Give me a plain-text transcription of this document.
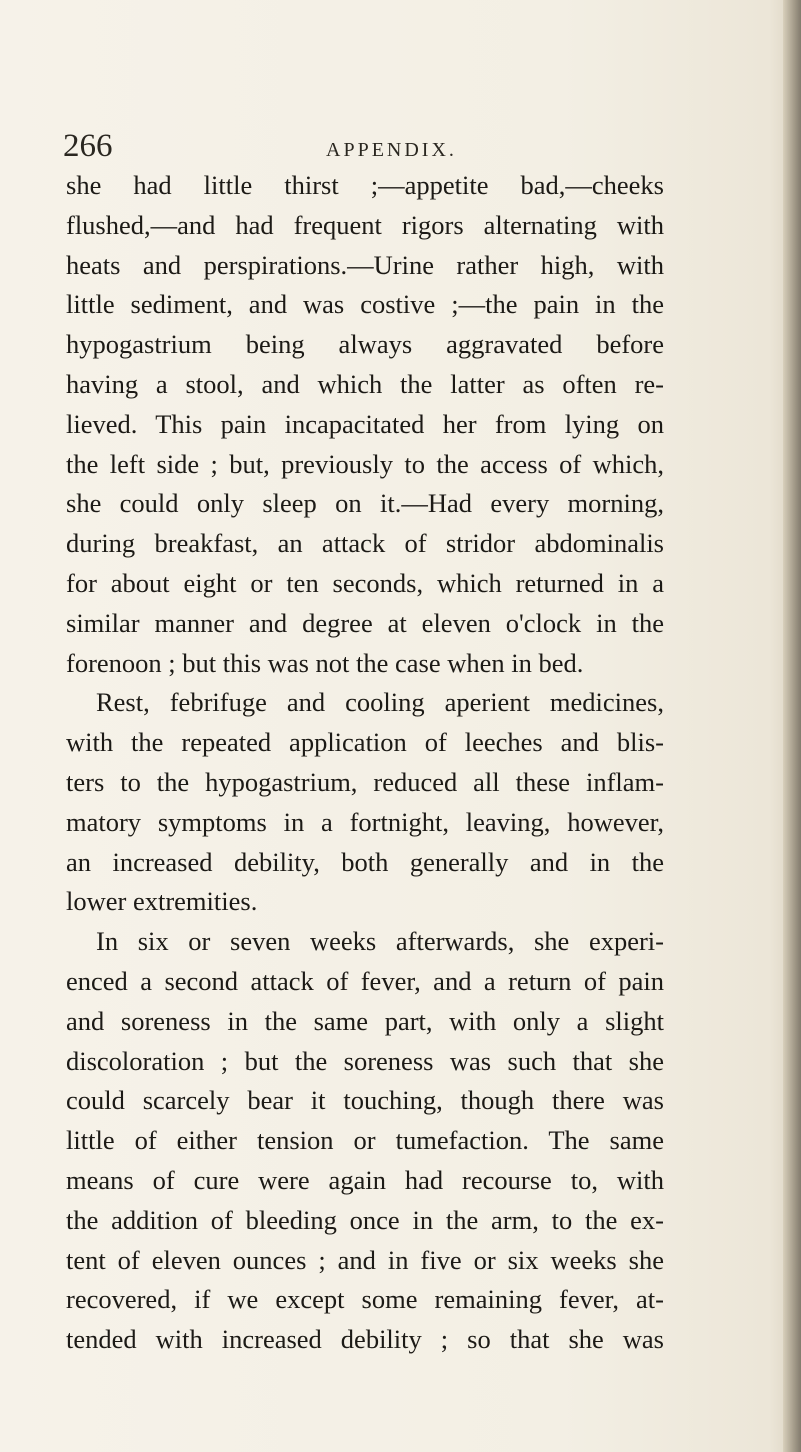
266	APPENDIX.
she had little thirst ;—appetite bad,—cheeks
flushed,—and had frequent rigors alternating with
heats and perspirations.—Urine rather high, with
little sediment, and was costive ;—the pain in the
hypogastrium being always aggravated before
having a stool, and which the latter as often re-
lieved. This pain incapacitated her from lying on
the left side ; but, previously to the access of which,
she could only sleep on it.—Had every morning,
during breakfast, an attack of stridor abdominalis
for about eight or ten seconds, which returned in a
similar manner and degree at eleven o'clock in the
forenoon ; but this was not the case when in bed.
Rest, febrifuge and cooling aperient medicines,
with the repeated application of leeches and blis-
ters to the hypogastrium, reduced all these inflam-
matory symptoms in a fortnight, leaving, however,
an increased debility, both generally and in the
lower extremities.
In six or seven weeks afterwards, she experi-
enced a second attack of fever, and a return of pain
and soreness in the same part, with only a slight
discoloration ; but the soreness was such that she
could scarcely bear it touching, though there was
little of either tension or tumefaction. The same
means of cure were again had recourse to, with
the addition of bleeding once in the arm, to the ex-
tent of eleven ounces ; and in five or six weeks she
recovered, if we except some remaining fever, at-
tended with increased debility ; so that she was
